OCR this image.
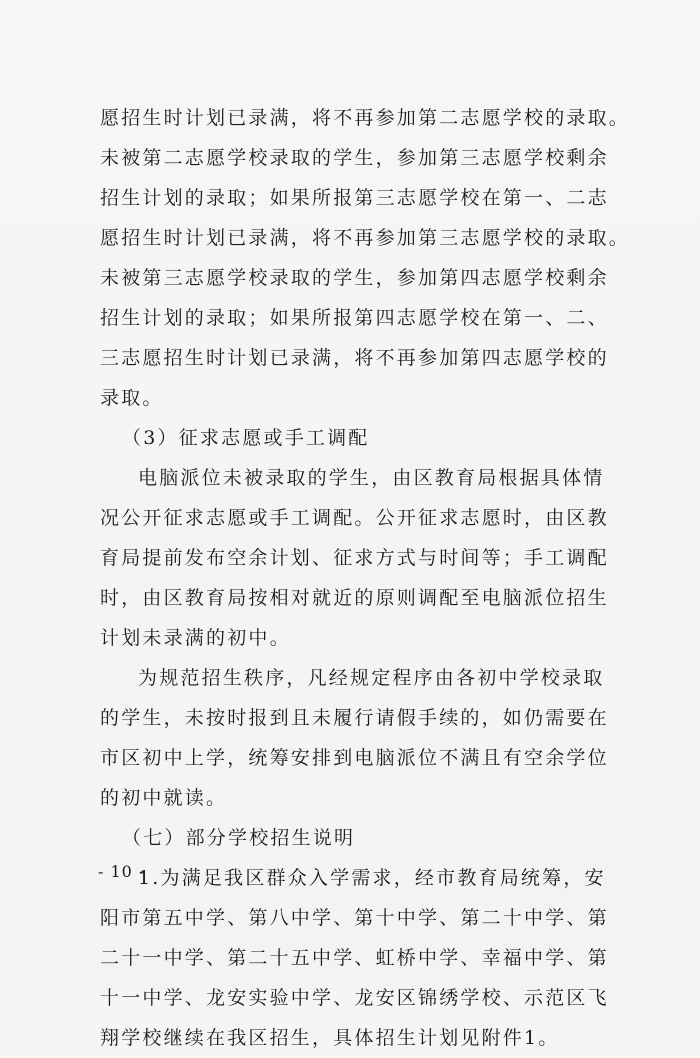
愿招生时计划已录满，将不再参加第二志愿学校的录取。
未被第二志愿学校录取的学生，参加第三志愿学校剩余
招生计划的录取；如果所报第三志愿学校在第一、二志
愿招生时计划已录满，将不再参加第三志愿学校的录取。
未被第三志愿学校录取的学生，参加第四志愿学校剩余
招生计划的录取；如果所报第四志愿学校在第一、二、
三志愿招生时计划已录满，将不再参加第四志愿学校的
录取。
（3）征求志愿或手工调配
电脑派位未被录取的学生，由区教育局根据具体情
况公开征求志愿或手工调配。公开征求志愿时，由区教
育局提前发布空余计划、征求方式与时间等；手工调配
时，由区教育局按相对就近的原则调配至电脑派位招生
计划未录满的初中。
为规范招生秩序，凡经规定程序由各初中学校录取
的学生，未按时报到且未履行请假手续的，如仍需要在
市区初中上学，统筹安排到电脑派位不满且有空余学位
的初中就读。
（七）部分学校招生说明
1.为满足我区群众入学需求，经市教育局统筹，安
阳市第五中学、第八中学、第十中学、第二十中学、第
二十一中学、第二十五中学、虹桥中学、幸福中学、第
十一中学、龙安实验中学、龙安区锦绣学校、示范区飞
翔学校继续在我区招生，具体招生计划见附件1。
- 10 -
